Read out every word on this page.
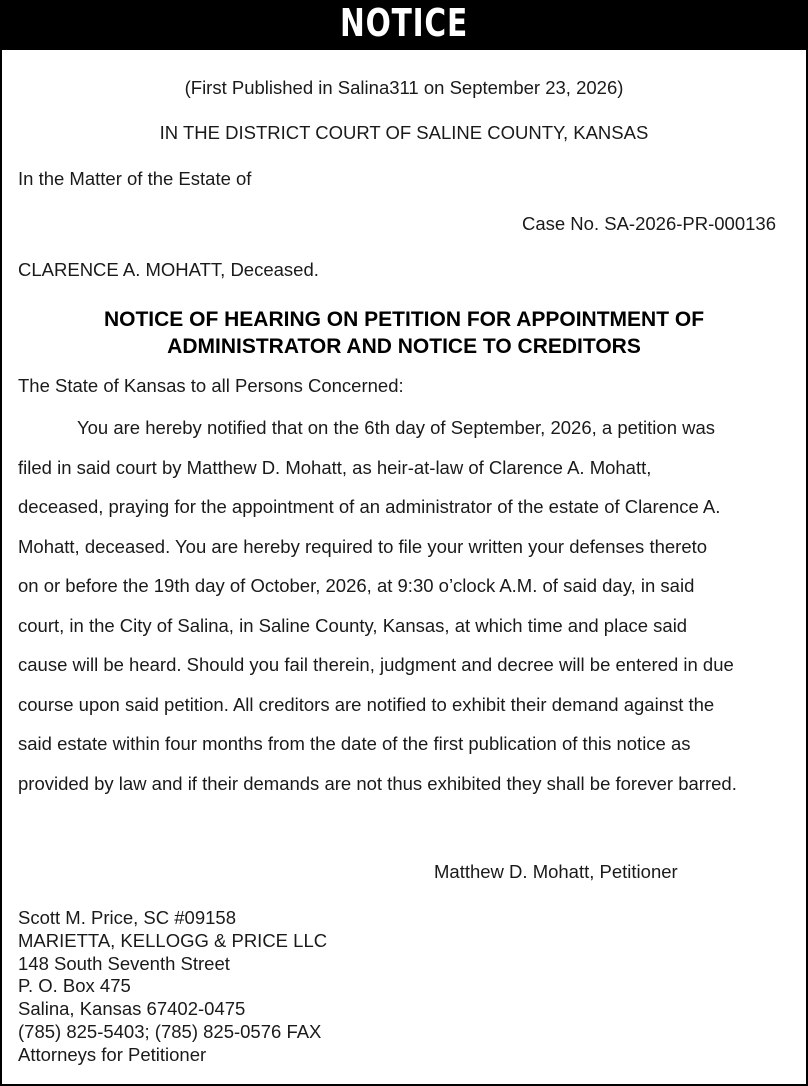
NOTICE
(First Published in Salina311 on September 23, 2026)
IN THE DISTRICT COURT OF SALINE COUNTY, KANSAS
In the Matter of the Estate of
Case No. SA-2026-PR-000136
CLARENCE A. MOHATT, Deceased.
NOTICE OF HEARING ON PETITION FOR APPOINTMENT OF
ADMINISTRATOR AND NOTICE TO CREDITORS
The State of Kansas to all Persons Concerned:
You are hereby notified that on the 6th day of September, 2026, a petition was
filed in said court by Matthew D. Mohatt, as heir-at-law of Clarence A. Mohatt,
deceased, praying for the appointment of an administrator of the estate of Clarence A.
Mohatt, deceased. You are hereby required to file your written your defenses thereto
on or before the 19th day of October, 2026, at 9:30 o’clock A.M. of said day, in said
court, in the City of Salina, in Saline County, Kansas, at which time and place said
cause will be heard. Should you fail therein, judgment and decree will be entered in due
course upon said petition. All creditors are notified to exhibit their demand against the
said estate within four months from the date of the first publication of this notice as
provided by law and if their demands are not thus exhibited they shall be forever barred.
Matthew D. Mohatt, Petitioner
Scott M. Price, SC #09158
MARIETTA, KELLOGG & PRICE LLC
148 South Seventh Street
P. O. Box 475
Salina, Kansas 67402-0475
(785) 825-5403; (785) 825-0576 FAX
Attorneys for Petitioner
